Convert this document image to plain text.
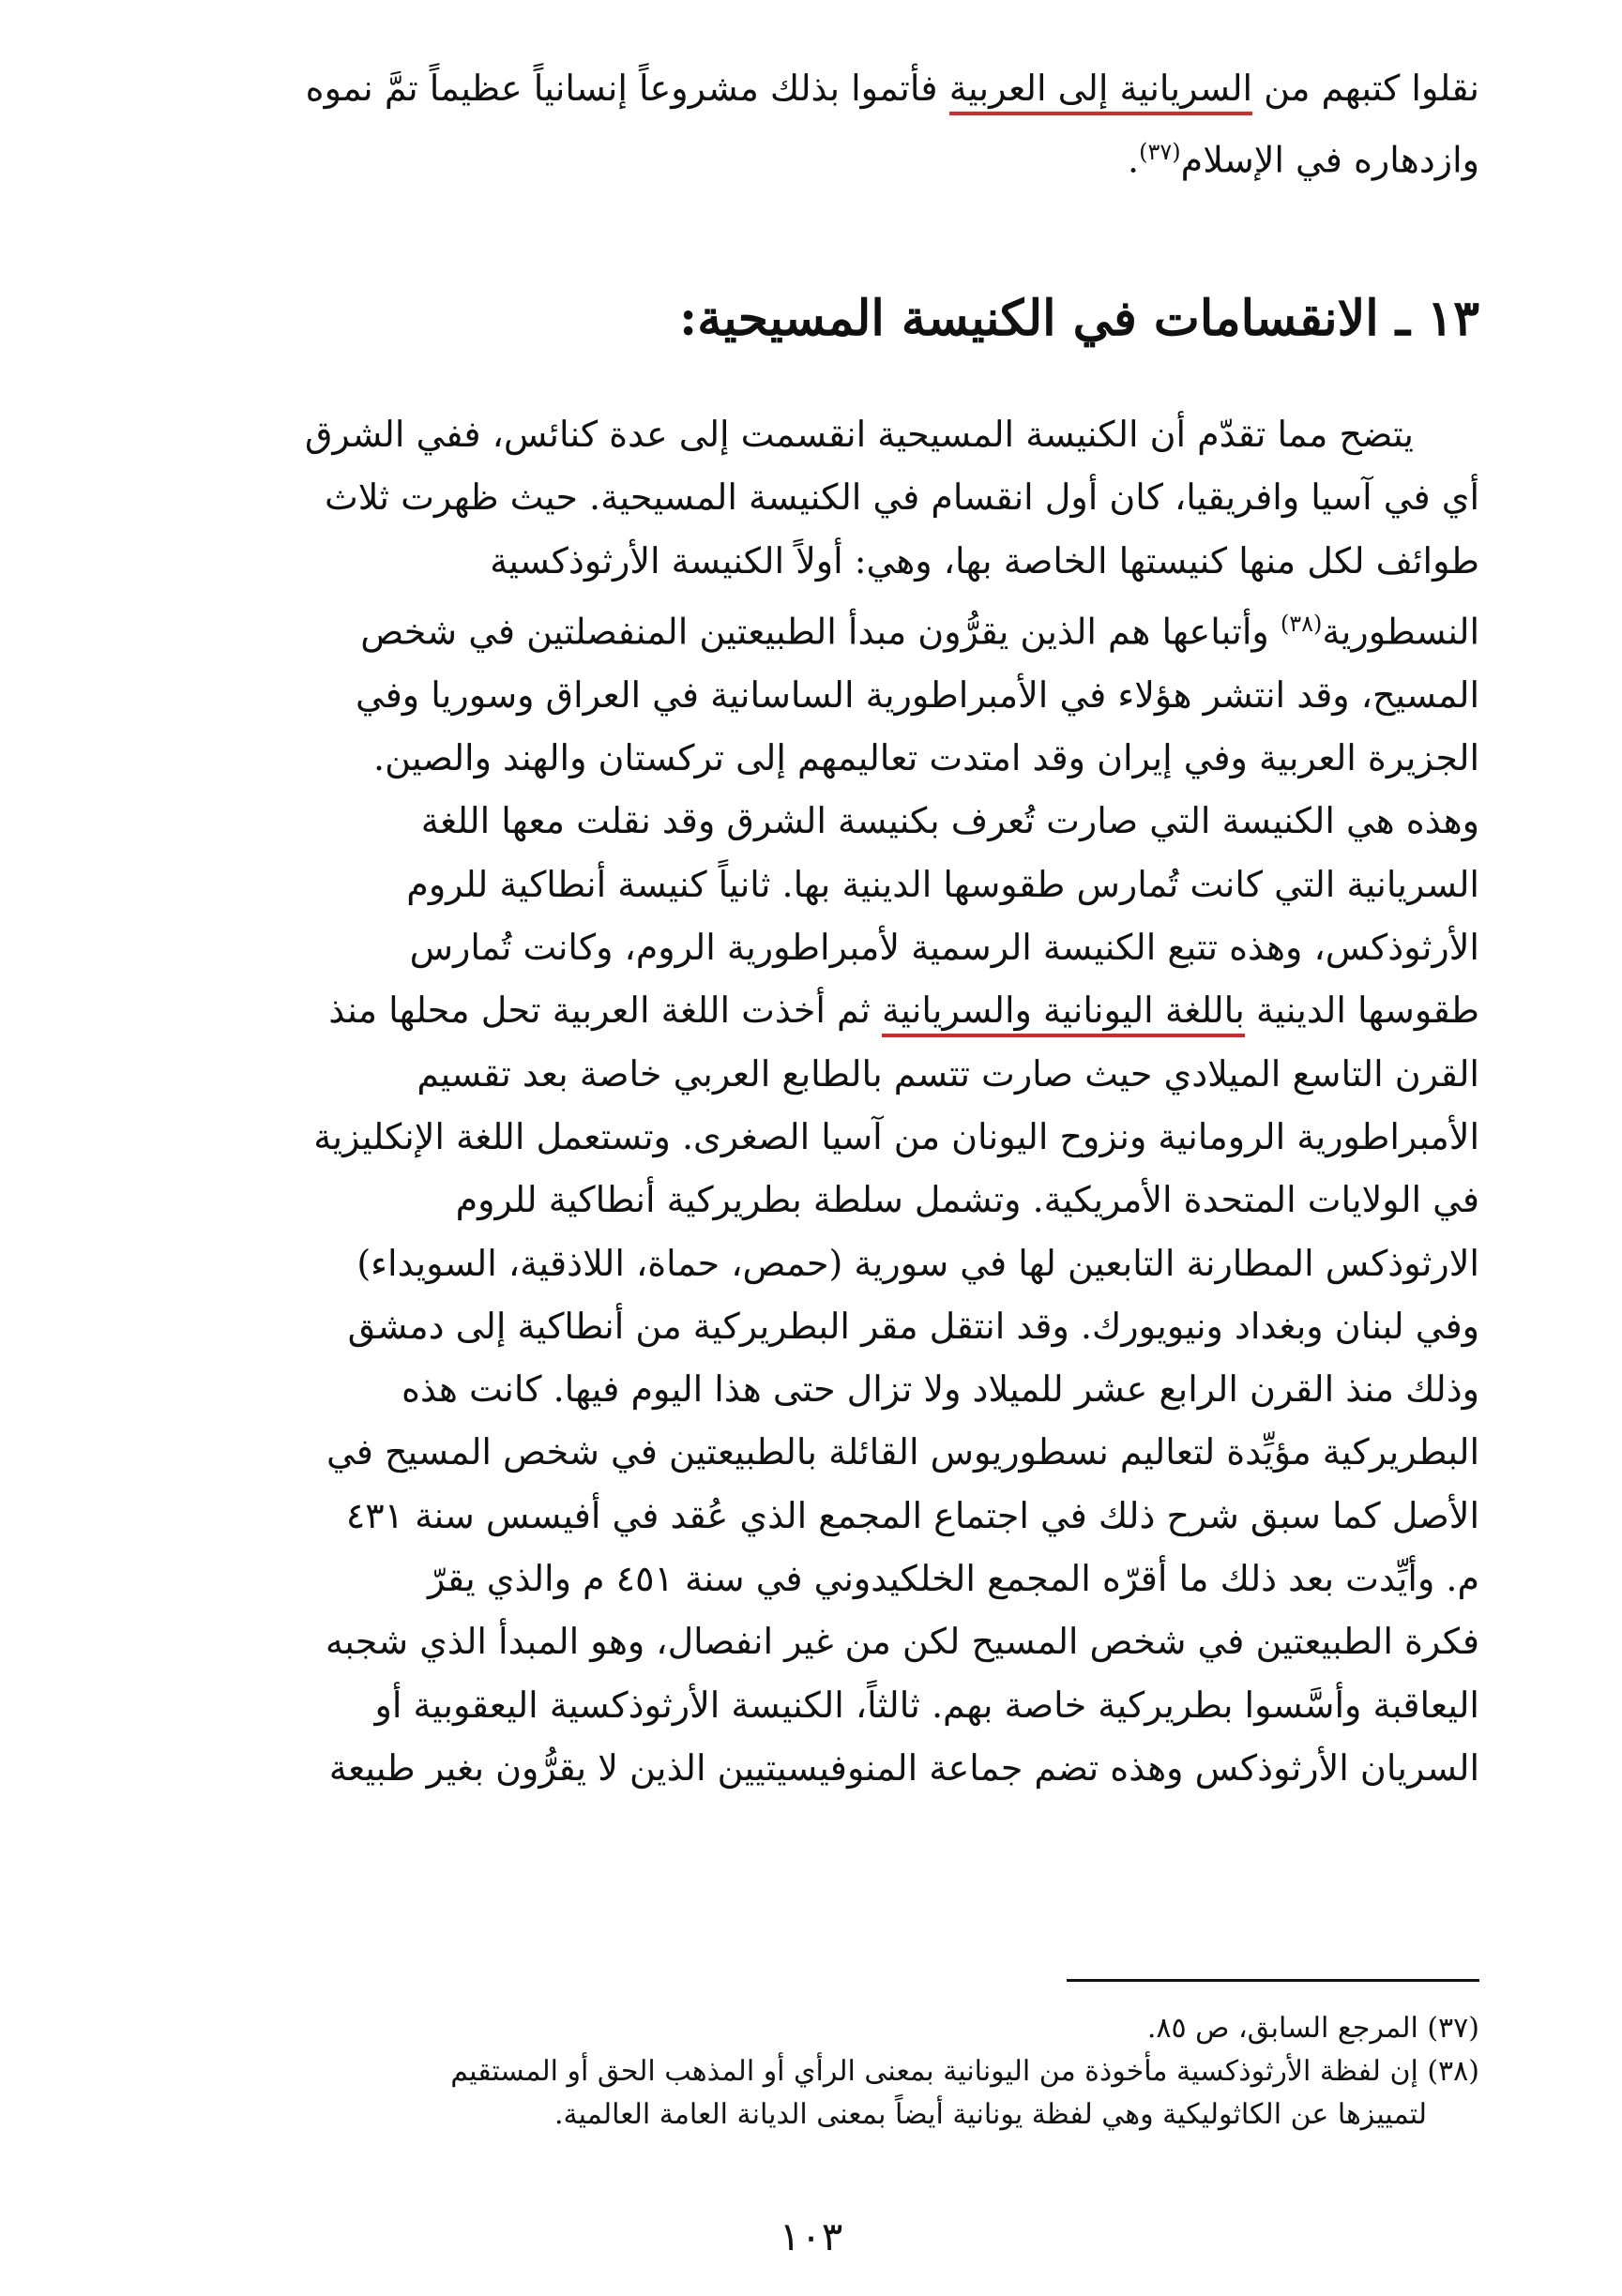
نقلوا كتبهم من السريانية إلى العربية فأتموا بذلك مشروعاً إنسانياً عظيماً تمَّ نموه
وازدهاره في الإسلام$^{(٣٧)}$.
١٣ ـ الانقسامات في الكنيسة المسيحية:
يتضح مما تقدّم أن الكنيسة المسيحية انقسمت إلى عدة كنائس، ففي الشرق
أي في آسيا وافريقيا، كان أول انقسام في الكنيسة المسيحية. حيث ظهرت ثلاث
طوائف لكل منها كنيستها الخاصة بها، وهي: أولاً الكنيسة الأرثوذكسية
النسطورية$^{(٣٨)}$ وأتباعها هم الذين يقرُّون مبدأ الطبيعتين المنفصلتين في شخص
المسيح، وقد انتشر هؤلاء في الأمبراطورية الساسانية في العراق وسوريا وفي
الجزيرة العربية وفي إيران وقد امتدت تعاليمهم إلى تركستان والهند والصين.
وهذه هي الكنيسة التي صارت تُعرف بكنيسة الشرق وقد نقلت معها اللغة
السريانية التي كانت تُمارس طقوسها الدينية بها. ثانياً كنيسة أنطاكية للروم
الأرثوذكس، وهذه تتبع الكنيسة الرسمية لأمبراطورية الروم، وكانت تُمارس
طقوسها الدينية باللغة اليونانية والسريانية ثم أخذت اللغة العربية تحل محلها منذ
القرن التاسع الميلادي حيث صارت تتسم بالطابع العربي خاصة بعد تقسيم
الأمبراطورية الرومانية ونزوح اليونان من آسيا الصغرى. وتستعمل اللغة الإنكليزية
في الولايات المتحدة الأمريكية. وتشمل سلطة بطريركية أنطاكية للروم
الارثوذكس المطارنة التابعين لها في سورية (حمص، حماة، اللاذقية، السويداء)
وفي لبنان وبغداد ونيويورك. وقد انتقل مقر البطريركية من أنطاكية إلى دمشق
وذلك منذ القرن الرابع عشر للميلاد ولا تزال حتى هذا اليوم فيها. كانت هذه
البطريركية مؤيِّدة لتعاليم نسطوريوس القائلة بالطبيعتين في شخص المسيح في
الأصل كما سبق شرح ذلك في اجتماع المجمع الذي عُقد في أفيسس سنة ٤٣١
م. وأيِّدت بعد ذلك ما أقرّه المجمع الخلكيدوني في سنة ٤٥١ م والذي يقرّ
فكرة الطبيعتين في شخص المسيح لكن من غير انفصال، وهو المبدأ الذي شجبه
اليعاقبة وأسَّسوا بطريركية خاصة بهم. ثالثاً، الكنيسة الأرثوذكسية اليعقوبية أو
السريان الأرثوذكس وهذه تضم جماعة المنوفيسيتيين الذين لا يقرُّون بغير طبيعة
(٣٧) المرجع السابق، ص ٨٥.
(٣٨) إن لفظة الأرثوذكسية مأخوذة من اليونانية بمعنى الرأي أو المذهب الحق أو المستقيم
لتمييزها عن الكاثوليكية وهي لفظة يونانية أيضاً بمعنى الديانة العامة العالمية.
١٠٣
